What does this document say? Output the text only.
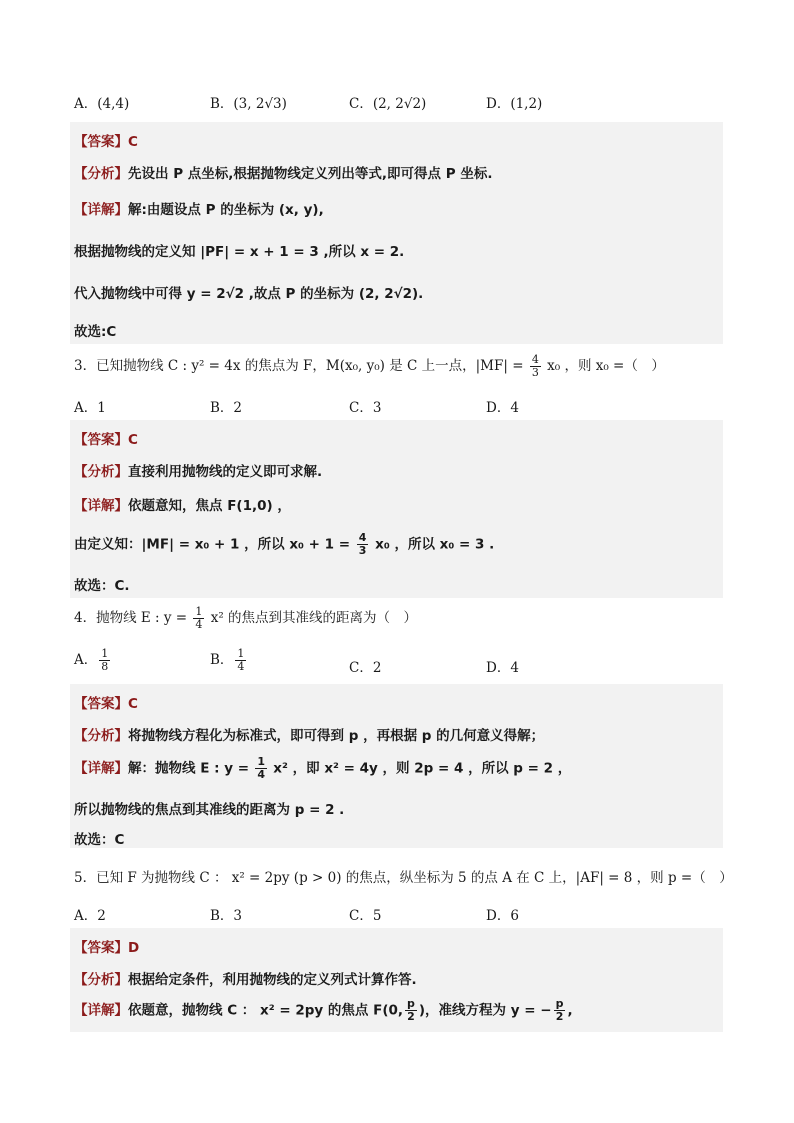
A．(4,4)	B．(3, 2√3)	C．(2, 2√2)	D．(1,2)
【答案】C
【分析】先设出 P 点坐标,根据抛物线定义列出等式,即可得点 P 坐标.
【详解】解:由题设点 P 的坐标为 (x, y),
根据抛物线的定义知 |PF| = x + 1 = 3 ,所以 x = 2.
代入抛物线中可得 y = 2√2 ,故点 P 的坐标为 (2, 2√2).
故选:C
3．已知抛物线 C : y² = 4x 的焦点为 F，M(x₀, y₀) 是 C 上一点，$|MF| = \frac{4}{3} x_0$ ，则 x₀ =（　）
A．1	B．2	C．3	D．4
【答案】C
【分析】直接利用抛物线的定义即可求解.
【详解】依题意知，焦点 F(1,0) ，
由定义知：|MF| = x₀ + 1 ，所以 $x_0 + 1 = \frac{4}{3} x_0$ ，所以 x₀ = 3 .
故选：C.
4．抛物线 E : $y = \frac{1}{4} x^2$ 的焦点到其准线的距离为（　）
A． $\frac{1}{8}$	B． $\frac{1}{4}$	C．2	D．4
【答案】C
【分析】将抛物线方程化为标准式，即可得到 p ，再根据 p 的几何意义得解；
【详解】解：抛物线 E : $y = \frac{1}{4} x^2$ ，即 x² = 4y ，则 2p = 4 ，所以 p = 2 ，
所以抛物线的焦点到其准线的距离为 p = 2 .
故选：C
5．已知 F 为抛物线 C ： x² = 2py (p > 0) 的焦点，纵坐标为 5 的点 A 在 C 上，|AF| = 8 ，则 p =（　）
A．2	B．3	C．5	D．6
【答案】D
【分析】根据给定条件，利用抛物线的定义列式计算作答.
【详解】依题意，抛物线 C ： x² = 2py 的焦点 F(0, $\frac{p}{2}$ )，准线方程为 y = − $\frac{p}{2}$ ,
